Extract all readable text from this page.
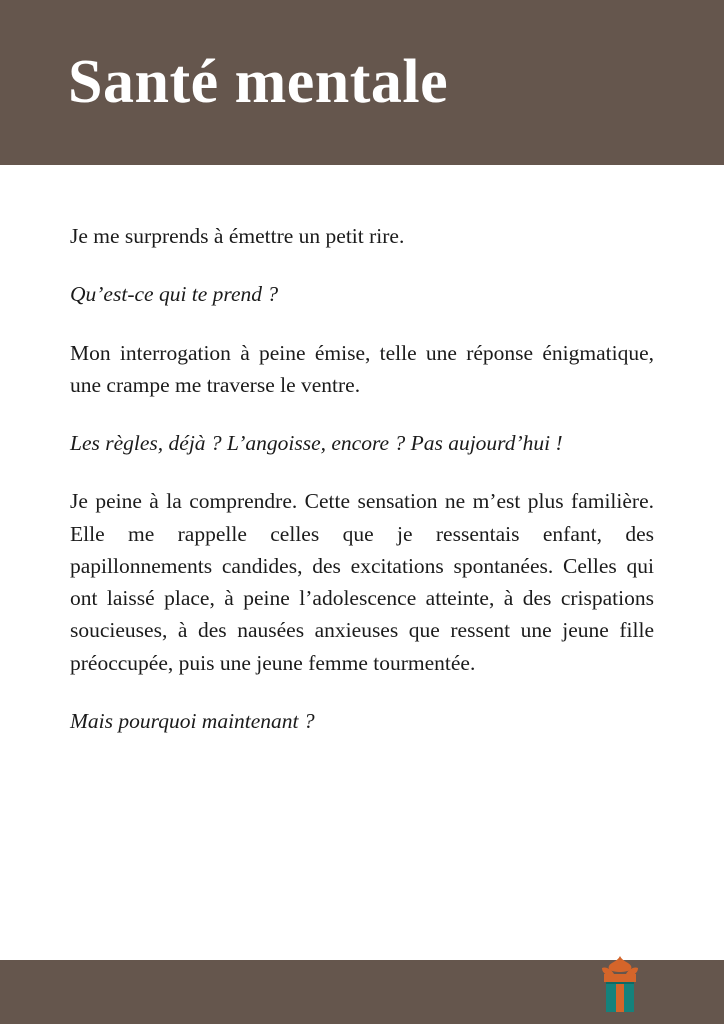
Santé mentale

Je me surprends à émettre un petit rire.

Qu’est-ce qui te prend ?

Mon interrogation à peine émise, telle une réponse énigmatique, une crampe me traverse le ventre.

Les règles, déjà ? L’angoisse, encore ? Pas aujourd’hui !

Je peine à la comprendre. Cette sensation ne m’est plus familière. Elle me rappelle celles que je ressentais enfant, des papillonnements candides, des excitations spontanées. Celles qui ont laissé place, à peine l’adolescence atteinte, à des crispations soucieuses, à des nausées anxieuses que ressent une jeune fille préoccupée, puis une jeune femme tourmentée.

Mais pourquoi maintenant ?
